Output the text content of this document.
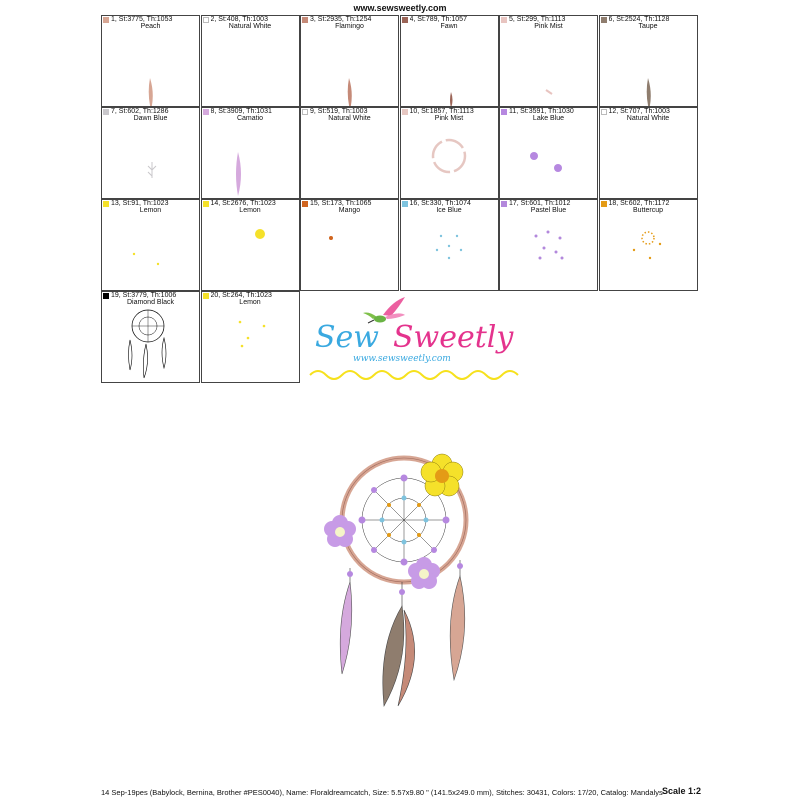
www.sewsweetly.com
1, St:3775, Th:1053
Peach
2, St:408, Th:1003
Natural White
3, St:2935, Th:1254
Flamingo
4, St:789, Th:1057
Fawn
5, St:299, Th:1113
Pink Mist
6, St:2524, Th:1128
Taupe
7, St:602, Th:1286
Dawn Blue
8, St:3909, Th:1031
Camatio
9, St:519, Th:1003
Natural White
10, St:1857, Th:1113
Pink Mist
11, St:3591, Th:1030
Lake Blue
12, St:707, Th:1003
Natural White
13, St:91, Th:1023
Lemon
14, St:2676, Th:1023
Lemon
15, St:173, Th:1065
Mango
16, St:330, Th:1074
Ice Blue
17, St:601, Th:1012
Pastel Blue
18, St:602, Th:1172
Buttercup
19, St:3779, Th:1006
Diamond Black
20, St:264, Th:1023
Lemon
Sew Sweetly
www.sewsweetly.com
14 Sep-19pes (Babylock, Bernina, Brother #PES0040), Name: Floraldreamcatch, Size: 5.57x9.80 " (141.5x249.0 mm), Stitches: 30431, Colors: 17/20, Catalog: Mandalys Scale 1:2
